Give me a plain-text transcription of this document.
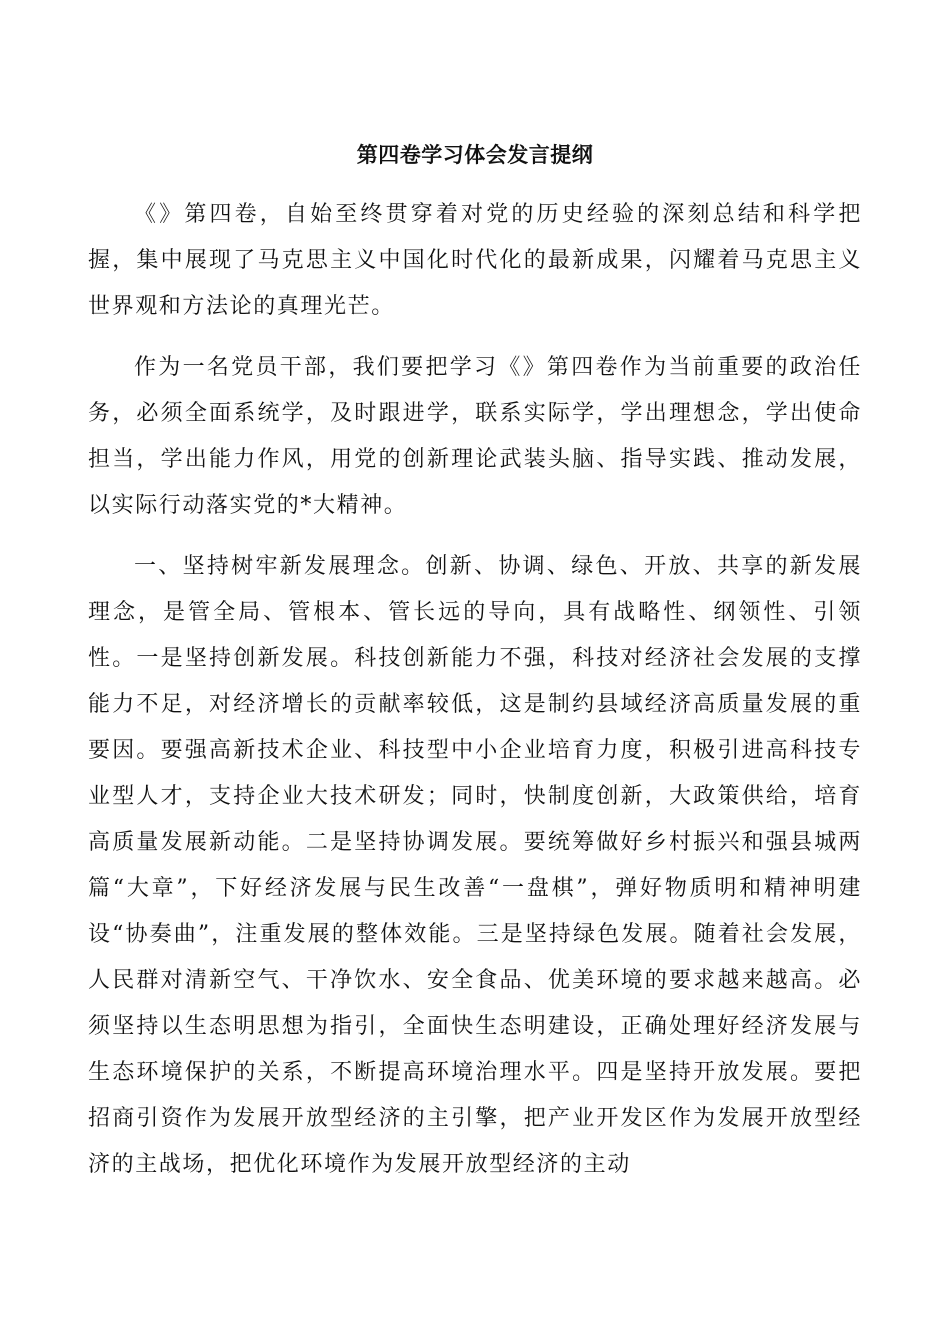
第四卷学习体会发言提纲

《》第四卷，自始至终贯穿着对党的历史经验的深刻总结和科学把握，集中展现了马克思主义中国化时代化的最新成果，闪耀着马克思主义世界观和方法论的真理光芒。

作为一名党员干部，我们要把学习《》第四卷作为当前重要的政治任务，必须全面系统学，及时跟进学，联系实际学，学出理想念，学出使命担当，学出能力作风，用党的创新理论武装头脑、指导实践、推动发展，以实际行动落实党的*大精神。

一、坚持树牢新发展理念。创新、协调、绿色、开放、共享的新发展理念，是管全局、管根本、管长远的导向，具有战略性、纲领性、引领性。一是坚持创新发展。科技创新能力不强，科技对经济社会发展的支撑能力不足，对经济增长的贡献率较低，这是制约县域经济高质量发展的重要因。要强高新技术企业、科技型中小企业培育力度，积极引进高科技专业型人才，支持企业大技术研发；同时，快制度创新，大政策供给，培育高质量发展新动能。二是坚持协调发展。要统筹做好乡村振兴和强县城两篇“大章”，下好经济发展与民生改善“一盘棋”，弹好物质明和精神明建设“协奏曲”，注重发展的整体效能。三是坚持绿色发展。随着社会发展，人民群对清新空气、干净饮水、安全食品、优美环境的要求越来越高。必须坚持以生态明思想为指引，全面快生态明建设，正确处理好经济发展与生态环境保护的关系，不断提高环境治理水平。四是坚持开放发展。要把招商引资作为发展开放型经济的主引擎，把产业开发区作为发展开放型经济的主战场，把优化环境作为发展开放型经济的主动
